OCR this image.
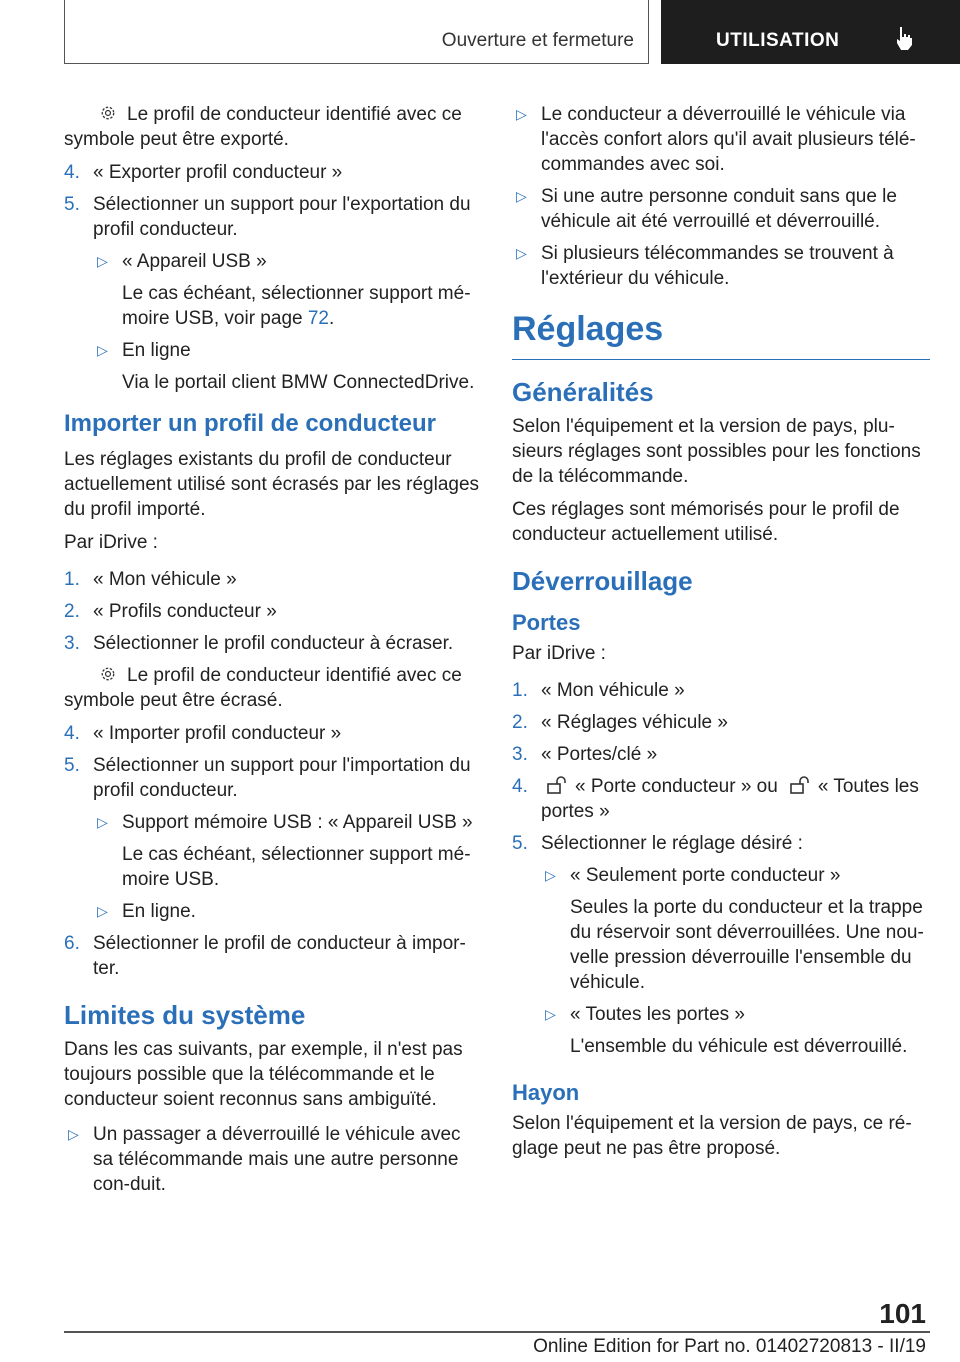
Ouverture et fermeture	UTILISATION

Le profil de conducteur identifié avec ce symbole peut être exporté.

4. « Exporter profil conducteur »
5. Sélectionner un support pour l'exportation du profil conducteur.
▷ « Appareil USB »
Le cas échéant, sélectionner support mé-moire USB, voir page 72.
▷ En ligne
Via le portail client BMW ConnectedDrive.
Importer un profil de conducteur

Les réglages existants du profil de conducteur actuellement utilisé sont écrasés par les réglages du profil importé.

Par iDrive :

1. « Mon véhicule »
2. « Profils conducteur »
3. Sélectionner le profil conducteur à écraser.

Le profil de conducteur identifié avec ce symbole peut être écrasé.

4. « Importer profil conducteur »
5. Sélectionner un support pour l'importation du profil conducteur.
▷ Support mémoire USB : « Appareil USB »
Le cas échéant, sélectionner support mé-moire USB.
▷ En ligne.
6. Sélectionner le profil de conducteur à impor-ter.
Limites du système

Dans les cas suivants, par exemple, il n'est pas toujours possible que la télécommande et le conducteur soient reconnus sans ambiguïté.

▷ Un passager a déverrouillé le véhicule avec sa télécommande mais une autre personne con-duit.
▷ Le conducteur a déverrouillé le véhicule via l'accès confort alors qu'il avait plusieurs télé-commandes avec soi.
▷ Si une autre personne conduit sans que le véhicule ait été verrouillé et déverrouillé.
▷ Si plusieurs télécommandes se trouvent à l'extérieur du véhicule.
Réglages
Généralités

Selon l'équipement et la version de pays, plu-sieurs réglages sont possibles pour les fonctions de la télécommande.

Ces réglages sont mémorisés pour le profil de conducteur actuellement utilisé.

Déverrouillage
Portes

Par iDrive :

1. « Mon véhicule »
2. « Réglages véhicule »
3. « Portes/clé »
4. « Porte conducteur » ou « Toutes les portes »
5. Sélectionner le réglage désiré :
▷ « Seulement porte conducteur »
Seules la porte du conducteur et la trappe du réservoir sont déverrouillées. Une nou-velle pression déverrouille l'ensemble du véhicule.
▷ « Toutes les portes »
L'ensemble du véhicule est déverrouillé.
Hayon

Selon l'équipement et la version de pays, ce ré-glage peut ne pas être proposé.

101
Online Edition for Part no. 01402720813 - II/19
